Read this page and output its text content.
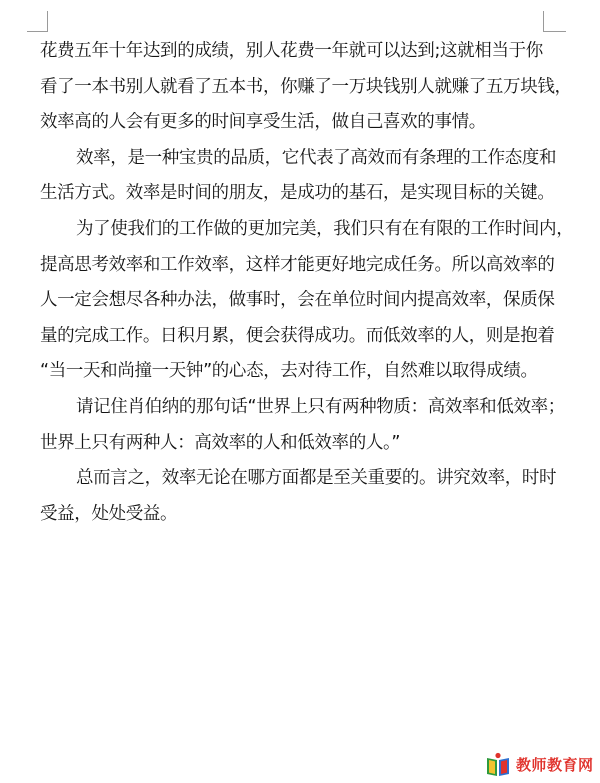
花费五年十年达到的成绩，别人花费一年就可以达到;这就相当于你
看了一本书别人就看了五本书，你赚了一万块钱别人就赚了五万块钱，
效率高的人会有更多的时间享受生活，做自己喜欢的事情。

效率，是一种宝贵的品质，它代表了高效而有条理的工作态度和
生活方式。效率是时间的朋友，是成功的基石，是实现目标的关键。

为了使我们的工作做的更加完美，我们只有在有限的工作时间内，
提高思考效率和工作效率，这样才能更好地完成任务。所以高效率的
人一定会想尽各种办法，做事时，会在单位时间内提高效率，保质保
量的完成工作。日积月累，便会获得成功。而低效率的人，则是抱着
“当一天和尚撞一天钟”的心态，去对待工作，自然难以取得成绩。

请记住肖伯纳的那句话“世界上只有两种物质：高效率和低效率；
世界上只有两种人：高效率的人和低效率的人。”

总而言之，效率无论在哪方面都是至关重要的。讲究效率，时时
受益，处处受益。

教师教育网
